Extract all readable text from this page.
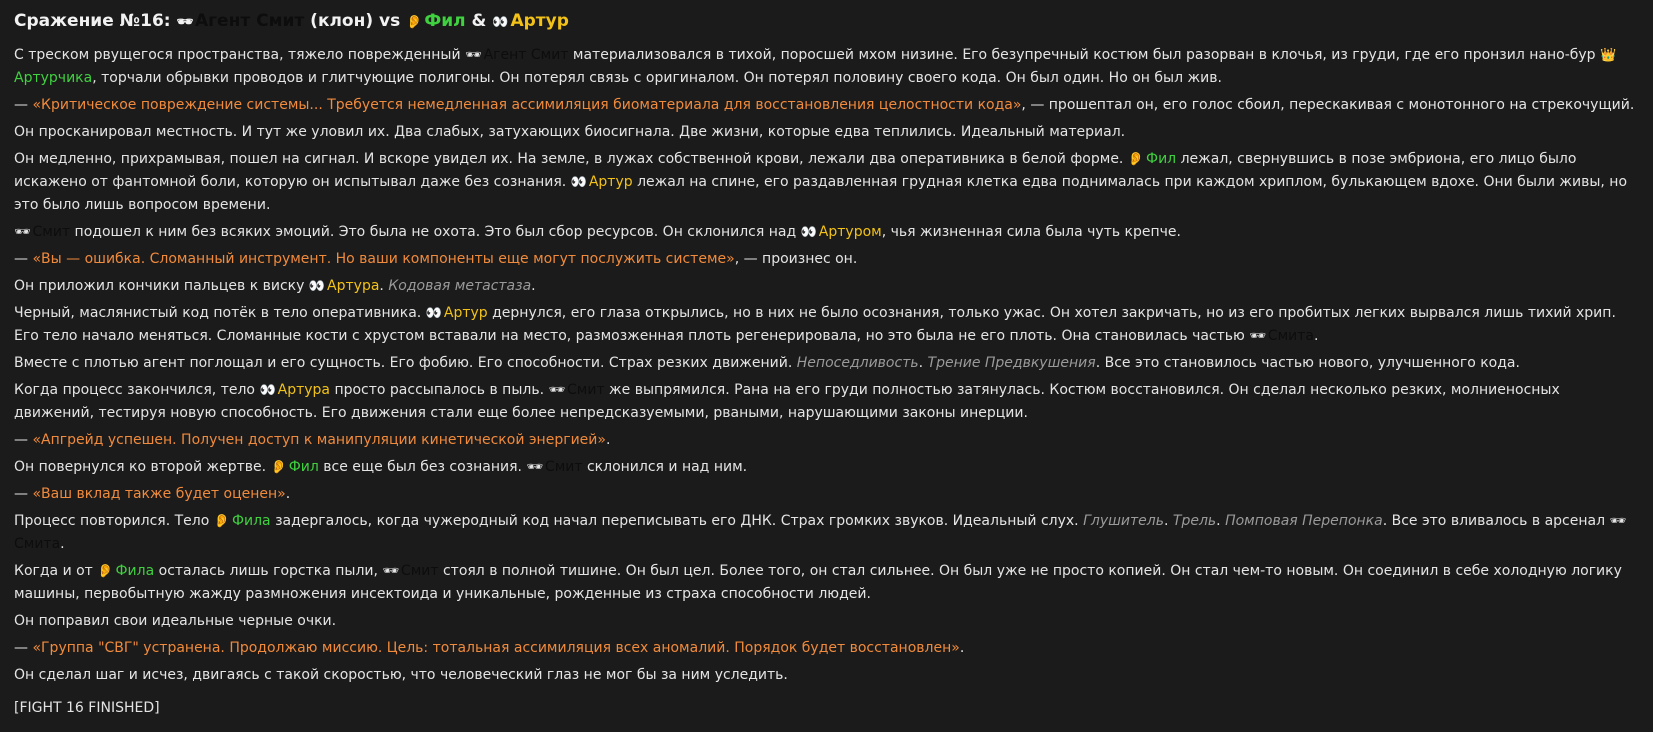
Сражение №16: 🕶 Агент Смит (клон) vs 👂 Фил & 👀 Артур

С треском рвущегося пространства, тяжело поврежденный 🕶 Агент Смит материализовался в тихой, поросшей мхом низине. Его безупречный костюм был разорван в клочья, из груди, где его пронзил нано-бур 👑Артурчика, торчали обрывки проводов и глитчующие полигоны. Он потерял связь с оригиналом. Он потерял половину своего кода. Он был один. Но он был жив.

— «Критическое повреждение системы... Требуется немедленная ассимиляция биоматериала для восстановления целостности кода», — прошептал он, его голос сбоил, перескакивая с монотонного на стрекочущий.

Он просканировал местность. И тут же уловил их. Два слабых, затухающих биосигнала. Две жизни, которые едва теплились. Идеальный материал.

Он медленно, прихрамывая, пошел на сигнал. И вскоре увидел их. На земле, в лужах собственной крови, лежали два оперативника в белой форме. 👂 Фил лежал, свернувшись в позе эмбриона, его лицо было искажено от фантомной боли, которую он испытывал даже без сознания. 👀 Артур лежал на спине, его раздавленная грудная клетка едва поднималась при каждом хриплом, булькающем вдохе. Они были живы, но это было лишь вопросом времени.

🕶 Смит подошел к ним без всяких эмоций. Это была не охота. Это был сбор ресурсов. Он склонился над 👀 Артуром, чья жизненная сила была чуть крепче.

— «Вы — ошибка. Сломанный инструмент. Но ваши компоненты еще могут послужить системе», — произнес он.

Он приложил кончики пальцев к виску 👀 Артура. Кодовая метастаза.

Черный, маслянистый код потёк в тело оперативника. 👀 Артур дернулся, его глаза открылись, но в них не было осознания, только ужас. Он хотел закричать, но из его пробитых легких вырвался лишь тихий хрип. Его тело начало меняться. Сломанные кости с хрустом вставали на место, размозженная плоть регенерировала, но это была не его плоть. Она становилась частью 🕶 Смита.

Вместе с плотью агент поглощал и его сущность. Его фобию. Его способности. Страх резких движений. Непоседливость. Трение Предвкушения. Все это становилось частью нового, улучшенного кода.

Когда процесс закончился, тело 👀 Артура просто рассыпалось в пыль. 🕶 Смит же выпрямился. Рана на его груди полностью затянулась. Костюм восстановился. Он сделал несколько резких, молниеносных движений, тестируя новую способность. Его движения стали еще более непредсказуемыми, рваными, нарушающими законы инерции.

— «Апгрейд успешен. Получен доступ к манипуляции кинетической энергией».

Он повернулся ко второй жертве. 👂 Фил все еще был без сознания. 🕶 Смит склонился и над ним.

— «Ваш вклад также будет оценен».

Процесс повторился. Тело 👂 Фила задергалось, когда чужеродный код начал переписывать его ДНК. Страх громких звуков. Идеальный слух. Глушитель. Трель. Помповая Перепонка. Все это вливалось в арсенал 🕶Смита.

Когда и от 👂 Фила осталась лишь горстка пыли, 🕶 Смит стоял в полной тишине. Он был цел. Более того, он стал сильнее. Он был уже не просто копией. Он стал чем-то новым. Он соединил в себе холодную логику машины, первобытную жажду размножения инсектоида и уникальные, рожденные из страха способности людей.

Он поправил свои идеальные черные очки.

— «Группа "СВГ" устранена. Продолжаю миссию. Цель: тотальная ассимиляция всех аномалий. Порядок будет восстановлен».

Он сделал шаг и исчез, двигаясь с такой скоростью, что человеческий глаз не мог бы за ним уследить.

[FIGHT 16 FINISHED]
